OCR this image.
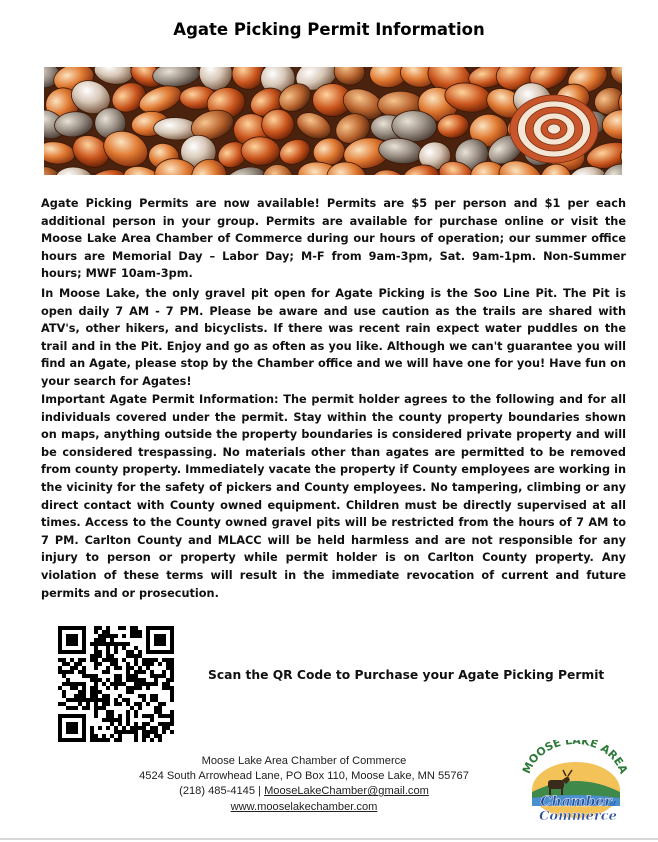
Agate Picking Permit Information
Agate Picking Permits are now available! Permits are $5 per person and $1 per each additional person in your group. Permits are available for purchase online or visit the Moose Lake Area Chamber of Commerce during our hours of operation; our summer office hours are Memorial Day – Labor Day; M-F from 9am-3pm, Sat. 9am-1pm. Non-Summer hours; MWF 10am-3pm.
In Moose Lake, the only gravel pit open for Agate Picking is the Soo Line Pit. The Pit is open daily 7 AM - 7 PM. Please be aware and use caution as the trails are shared with ATV's, other hikers, and bicyclists. If there was recent rain expect water puddles on the trail and in the Pit. Enjoy and go as often as you like. Although we can't guarantee you will find an Agate, please stop by the Chamber office and we will have one for you! Have fun on your search for Agates!
Important Agate Permit Information: The permit holder agrees to the following and for all individuals covered under the permit. Stay within the county property boundaries shown on maps, anything outside the property boundaries is considered private property and will be considered trespassing. No materials other than agates are permitted to be removed from county property. Immediately vacate the property if County employees are working in the vicinity for the safety of pickers and County employees. No tampering, climbing or any direct contact with County owned equipment. Children must be directly supervised at all times. Access to the County owned gravel pits will be restricted from the hours of 7 AM to 7 PM. Carlton County and MLACC will be held harmless and are not responsible for any injury to person or property while permit holder is on Carlton County property. Any violation of these terms will result in the immediate revocation of current and future permits and or prosecution.
Scan the QR Code to Purchase your Agate Picking Permit
Moose Lake Area Chamber of Commerce
4524 South Arrowhead Lane, PO Box 110, Moose Lake, MN 55767
(218) 485-4145 | MooseLakeChamber@gmail.com
www.mooselakechamber.com
MOOSE LAKE AREA
Chamber
of
Commerce
